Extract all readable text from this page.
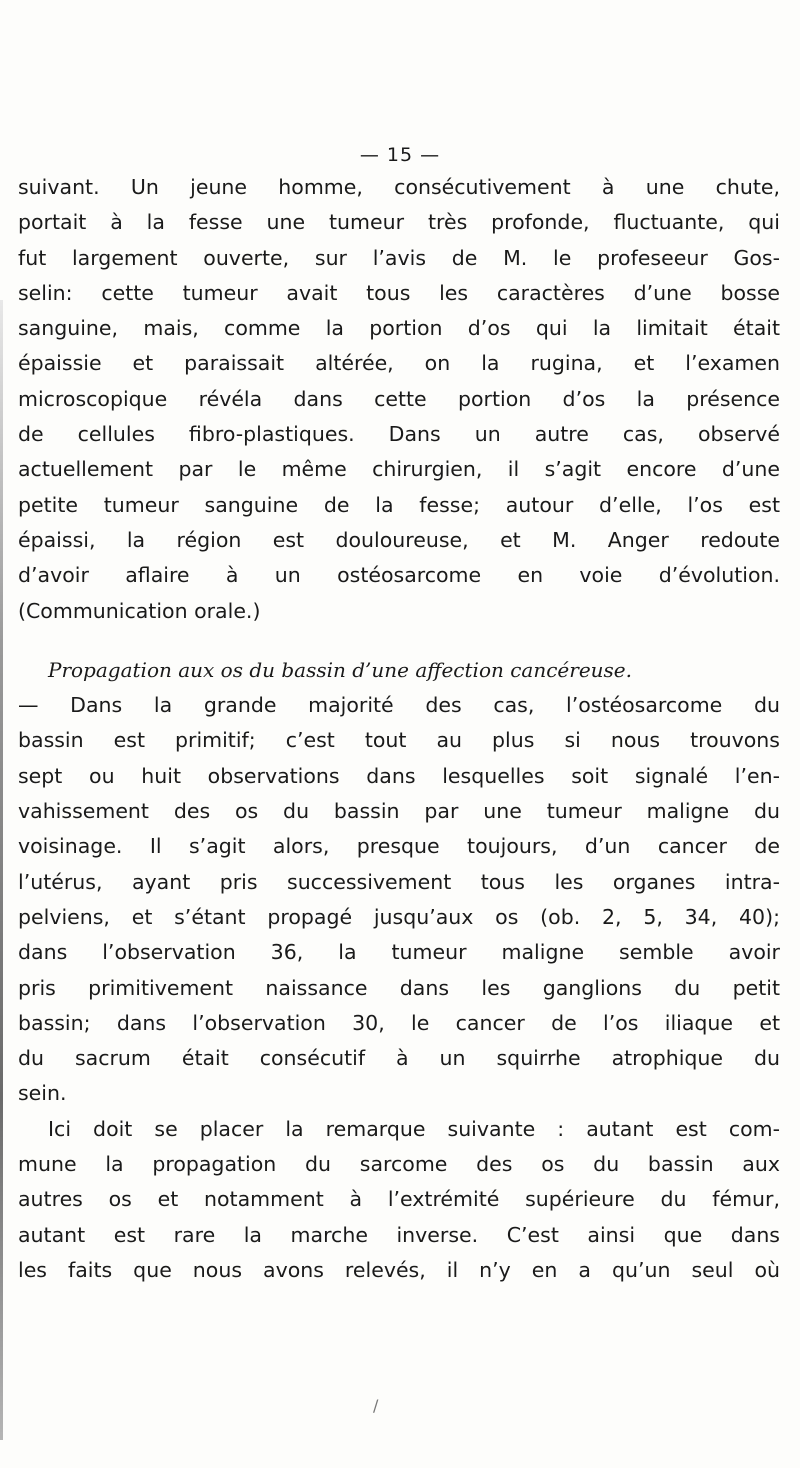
— 15 —
suivant. Un jeune homme, consécutivement à une chute,
portait à la fesse une tumeur très profonde, fluctuante, qui
fut largement ouverte, sur l’avis de M. le profeseeur Gos-
selin: cette tumeur avait tous les caractères d’une bosse
sanguine, mais, comme la portion d’os qui la limitait était
épaissie et paraissait altérée, on la rugina, et l’examen
microscopique révéla dans cette portion d’os la présence
de cellules fibro-plastiques. Dans un autre cas, observé
actuellement par le même chirurgien, il s’agit encore d’une
petite tumeur sanguine de la fesse; autour d’elle, l’os est
épaissi, la région est douloureuse, et M. Anger redoute
d’avoir aflaire à un ostéosarcome en voie d’évolution.
(Communication orale.)
Propagation aux os du bassin d’une affection cancéreuse.
— Dans la grande majorité des cas, l’ostéosarcome du
bassin est primitif; c’est tout au plus si nous trouvons
sept ou huit observations dans lesquelles soit signalé l’en-
vahissement des os du bassin par une tumeur maligne du
voisinage. Il s’agit alors, presque toujours, d’un cancer de
l’utérus, ayant pris successivement tous les organes intra-
pelviens, et s’étant propagé jusqu’aux os (ob. 2, 5, 34, 40);
dans l’observation 36, la tumeur maligne semble avoir
pris primitivement naissance dans les ganglions du petit
bassin; dans l’observation 30, le cancer de l’os iliaque et
du sacrum était consécutif à un squirrhe atrophique du
sein.
Ici doit se placer la remarque suivante : autant est com-
mune la propagation du sarcome des os du bassin aux
autres os et notamment à l’extrémité supérieure du fémur,
autant est rare la marche inverse. C’est ainsi que dans
les faits que nous avons relevés, il n’y en a qu’un seul où
/
